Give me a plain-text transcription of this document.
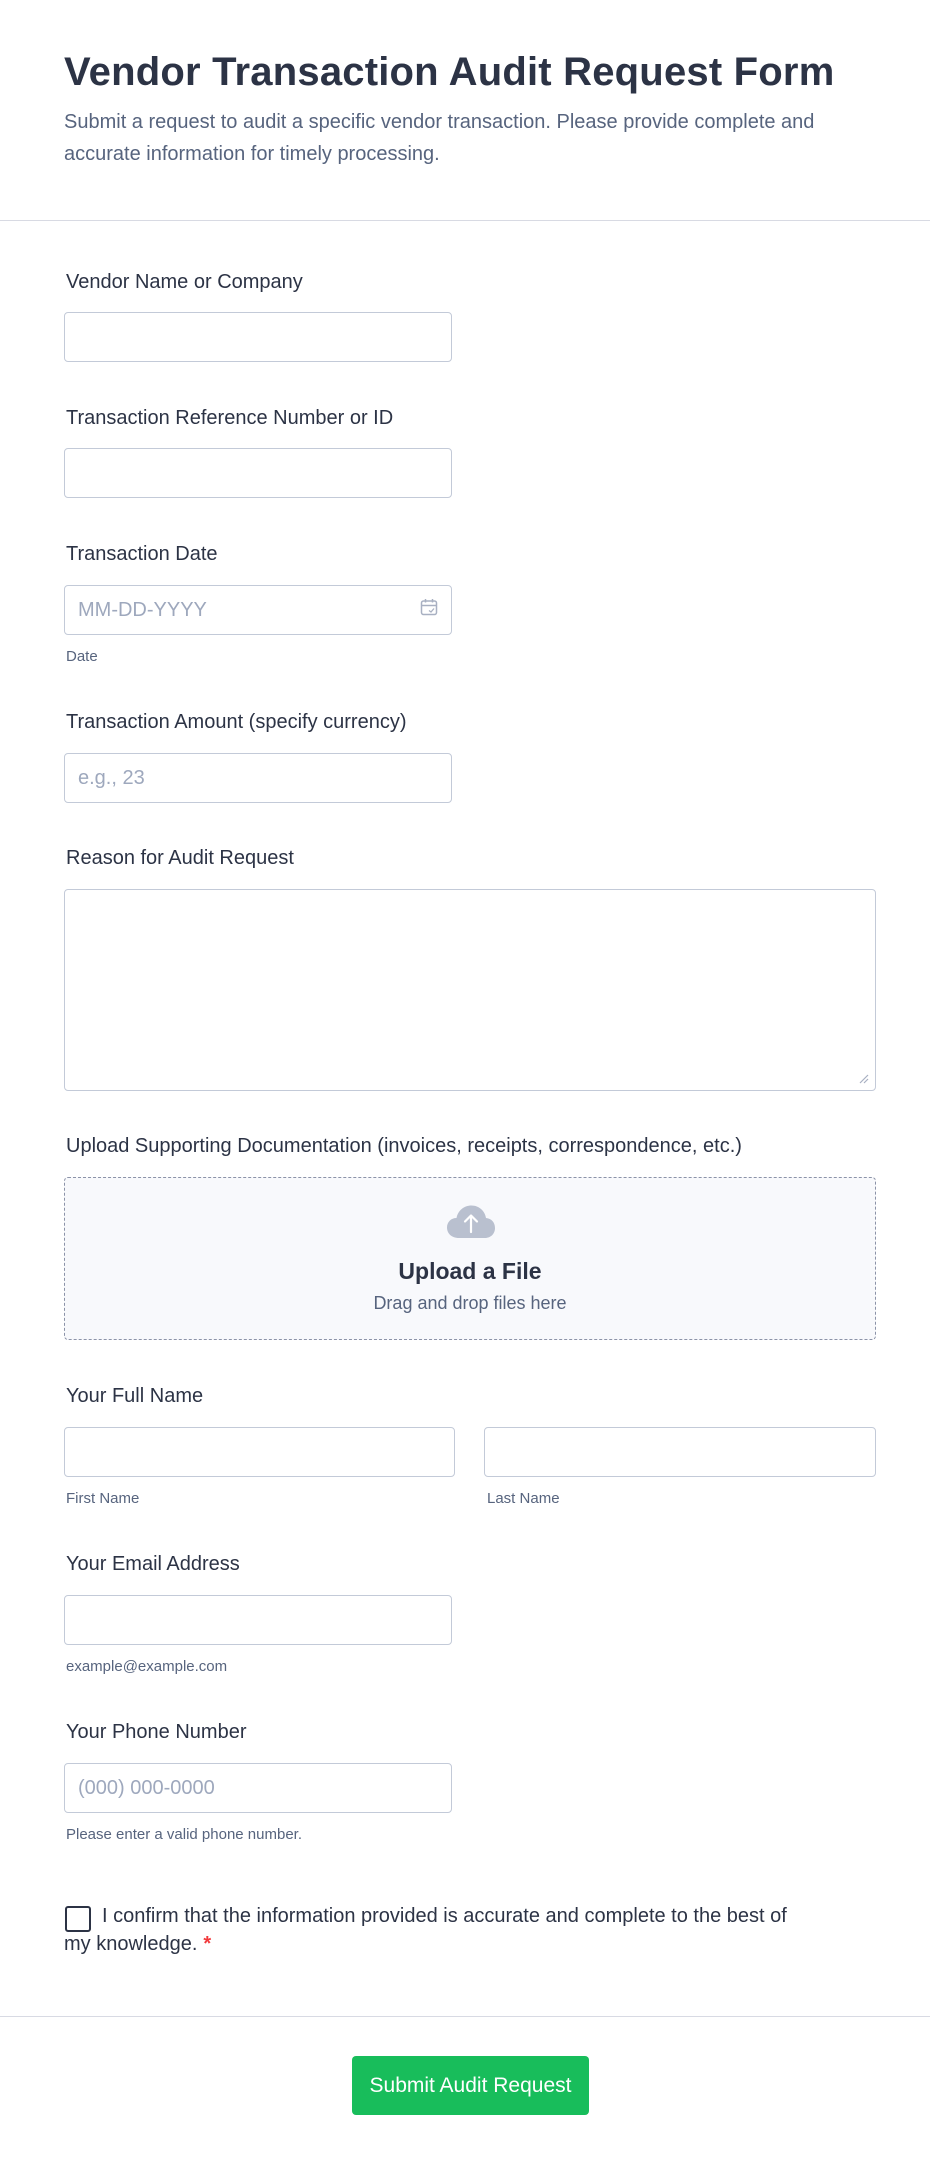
Vendor Transaction Audit Request Form

Submit a request to audit a specific vendor transaction. Please provide complete and accurate information for timely processing.

Vendor Name or Company
Transaction Reference Number or ID
Transaction Date
MM-DD-YYYY
Date
Transaction Amount (specify currency)
e.g., 23
Reason for Audit Request
Upload Supporting Documentation (invoices, receipts, correspondence, etc.)
Upload a File
Drag and drop files here
Your Full Name
First Name	Last Name
Your Email Address
example@example.com
Your Phone Number
(000) 000-0000
Please enter a valid phone number.
I confirm that the information provided is accurate and complete to the best of my knowledge. *
Submit Audit Request
